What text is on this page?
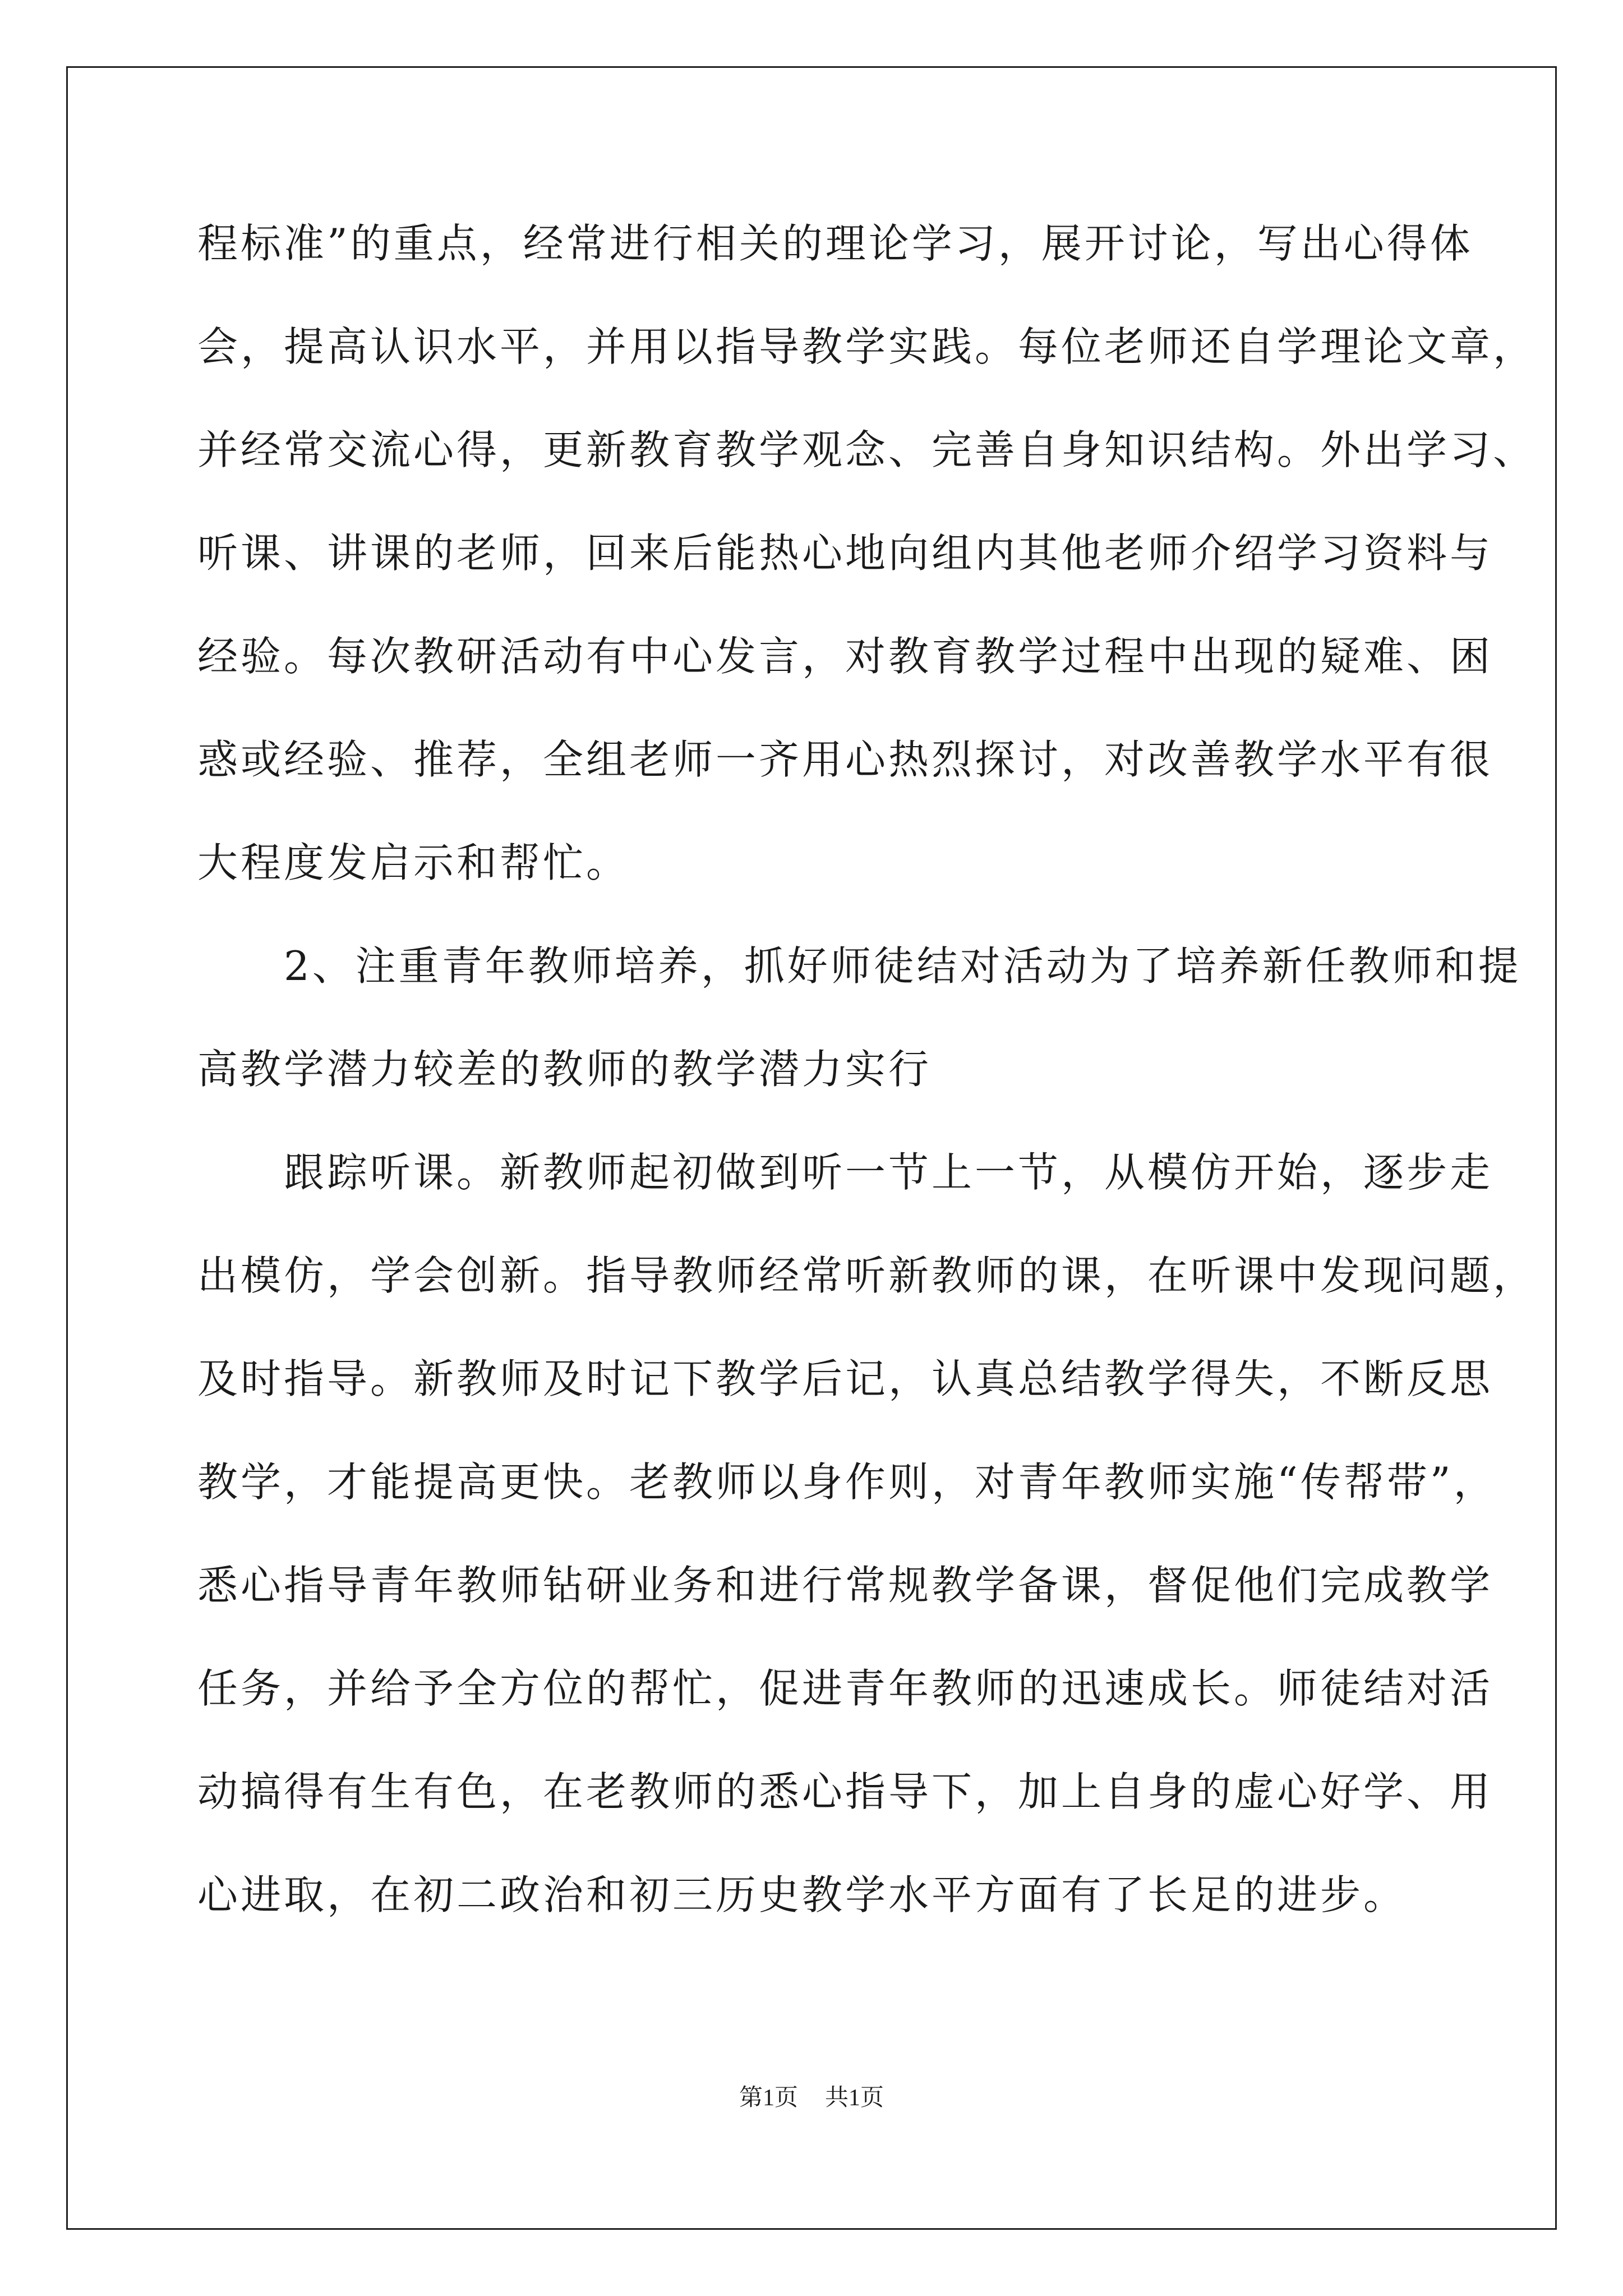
程标准”的重点，经常进行相关的理论学习，展开讨论，写出心得体
会，提高认识水平，并用以指导教学实践。每位老师还自学理论文章，
并经常交流心得，更新教育教学观念、完善自身知识结构。外出学习、
听课、讲课的老师，回来后能热心地向组内其他老师介绍学习资料与
经验。每次教研活动有中心发言，对教育教学过程中出现的疑难、困
惑或经验、推荐，全组老师一齐用心热烈探讨，对改善教学水平有很
大程度发启示和帮忙。
　　2、注重青年教师培养，抓好师徒结对活动为了培养新任教师和提
高教学潜力较差的教师的教学潜力实行
　　跟踪听课。新教师起初做到听一节上一节，从模仿开始，逐步走
出模仿，学会创新。指导教师经常听新教师的课，在听课中发现问题，
及时指导。新教师及时记下教学后记，认真总结教学得失，不断反思
教学，才能提高更快。老教师以身作则，对青年教师实施“传帮带”，
悉心指导青年教师钻研业务和进行常规教学备课，督促他们完成教学
任务，并给予全方位的帮忙，促进青年教师的迅速成长。师徒结对活
动搞得有生有色，在老教师的悉心指导下，加上自身的虚心好学、用
心进取，在初二政治和初三历史教学水平方面有了长足的进步。
第1页 共1页
